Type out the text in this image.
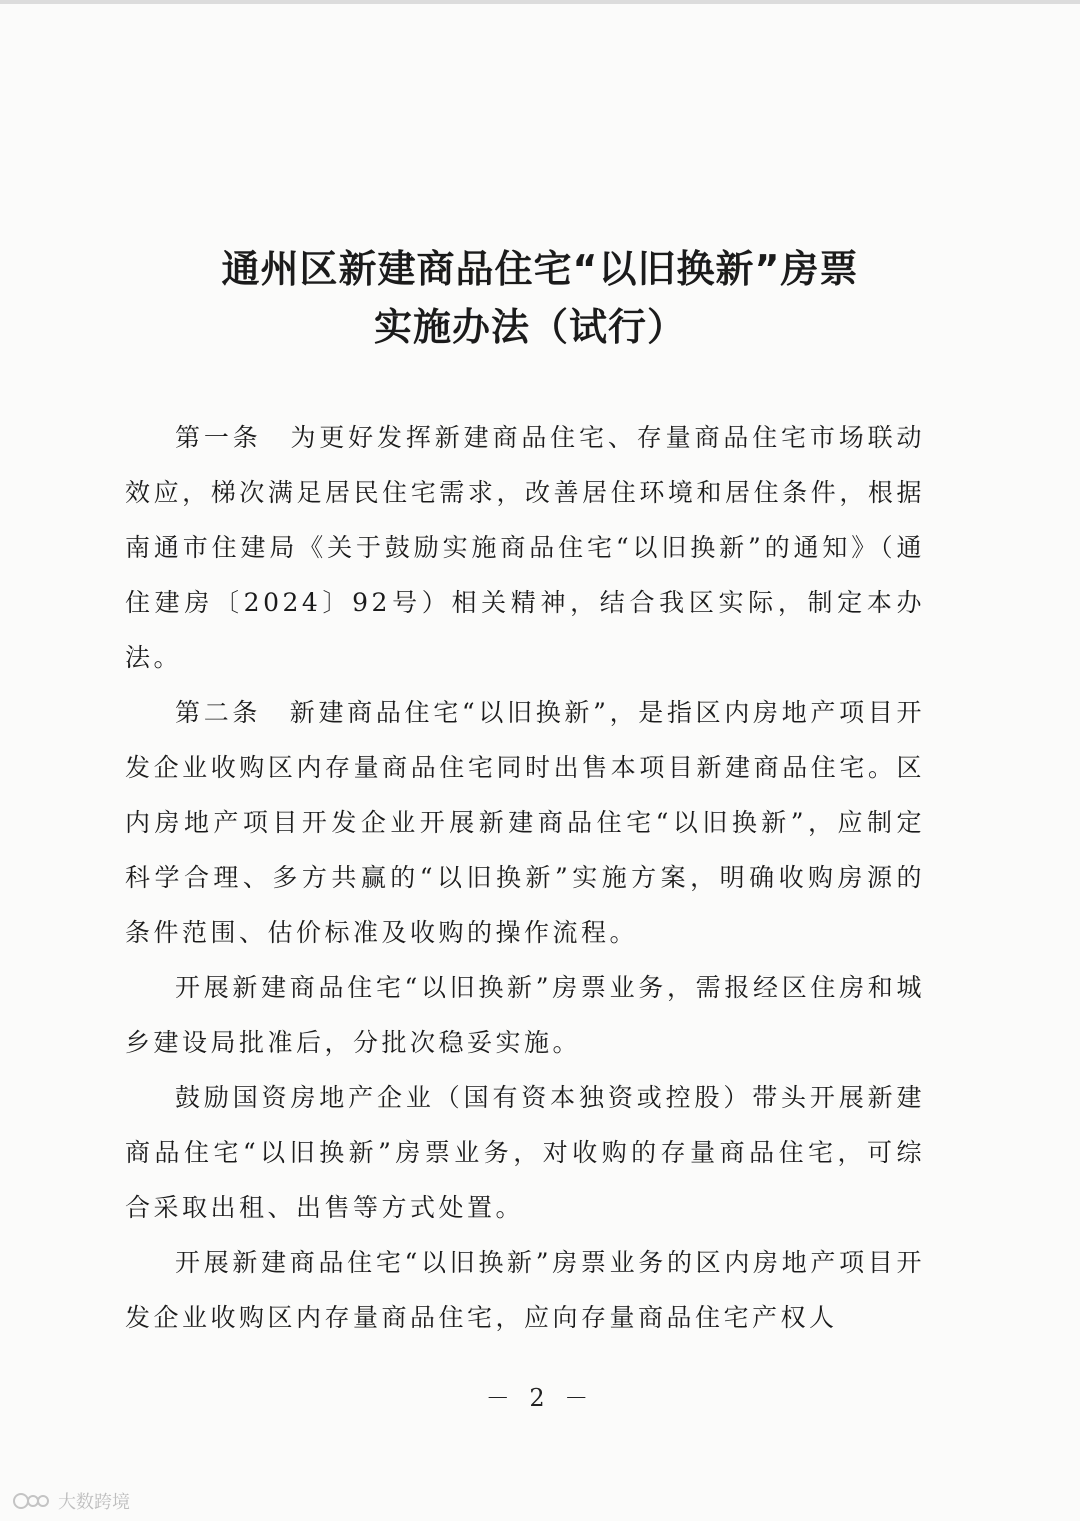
通州区新建商品住宅“以旧换新”房票
实施办法（试行）

第一条　为更好发挥新建商品住宅、存量商品住宅市场联动效应，梯次满足居民住宅需求，改善居住环境和居住条件，根据南通市住建局《关于鼓励实施商品住宅“以旧换新”的通知》（通住建房〔2024〕92号）相关精神，结合我区实际，制定本办法。

第二条　新建商品住宅“以旧换新”，是指区内房地产项目开发企业收购区内存量商品住宅同时出售本项目新建商品住宅。区内房地产项目开发企业开展新建商品住宅“以旧换新”，应制定科学合理、多方共赢的“以旧换新”实施方案，明确收购房源的条件范围、估价标准及收购的操作流程。

开展新建商品住宅“以旧换新”房票业务，需报经区住房和城乡建设局批准后，分批次稳妥实施。

鼓励国资房地产企业（国有资本独资或控股）带头开展新建商品住宅“以旧换新”房票业务，对收购的存量商品住宅，可综合采取出租、出售等方式处置。

开展新建商品住宅“以旧换新”房票业务的区内房地产项目开发企业收购区内存量商品住宅，应向存量商品住宅产权人

－ 2 －
大数跨境
